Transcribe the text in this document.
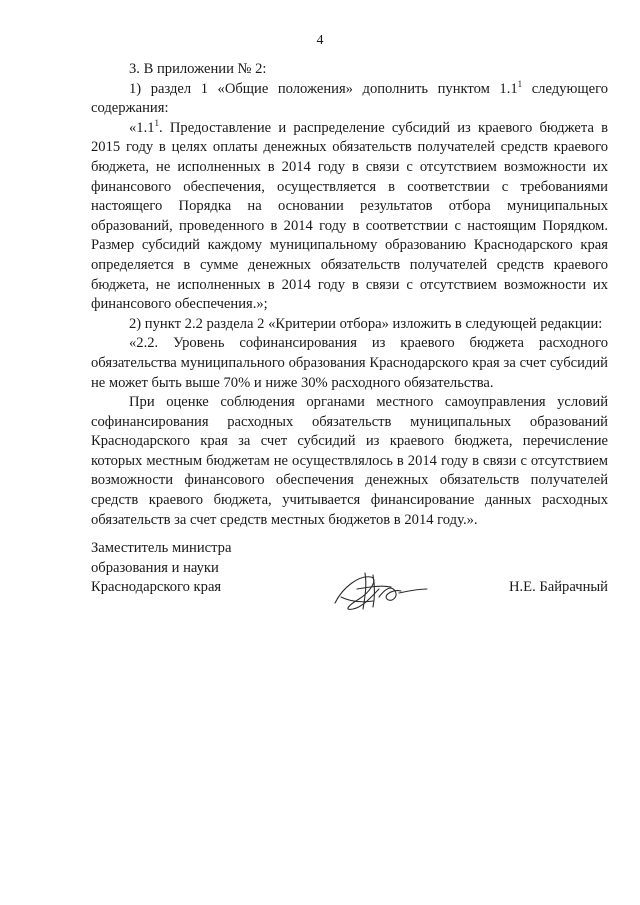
4

3. В приложении № 2:

1) раздел 1 «Общие положения» дополнить пунктом $1.1^1$ следующего содержания:

«$1.1^1$. Предоставление и распределение субсидий из краевого бюджета в 2015 году в целях оплаты денежных обязательств получателей средств краевого бюджета, не исполненных в 2014 году в связи с отсутствием возможности их финансового обеспечения, осуществляется в соответствии с требованиями настоящего Порядка на основании результатов отбора муниципальных образований, проведенного в 2014 году в соответствии с настоящим Порядком. Размер субсидий каждому муниципальному образованию Краснодарского края определяется в сумме денежных обязательств получателей средств краевого бюджета, не исполненных в 2014 году в связи с отсутствием возможности их финансового обеспечения.»;

2) пункт 2.2 раздела 2 «Критерии отбора» изложить в следующей редакции:

«2.2. Уровень софинансирования из краевого бюджета расходного обязательства муниципального образования Краснодарского края за счет субсидий не может быть выше 70% и ниже 30% расходного обязательства.

При оценке соблюдения органами местного самоуправления условий софинансирования расходных обязательств муниципальных образований Краснодарского края за счет субсидий из краевого бюджета, перечисление которых местным бюджетам не осуществлялось в 2014 году в связи с отсутствием возможности финансового обеспечения денежных обязательств получателей средств краевого бюджета, учитывается финансирование данных расходных обязательств за счет средств местных бюджетов в 2014 году.».

Заместитель министра
образования и науки
Краснодарского края	Н.Е. Байрачный
